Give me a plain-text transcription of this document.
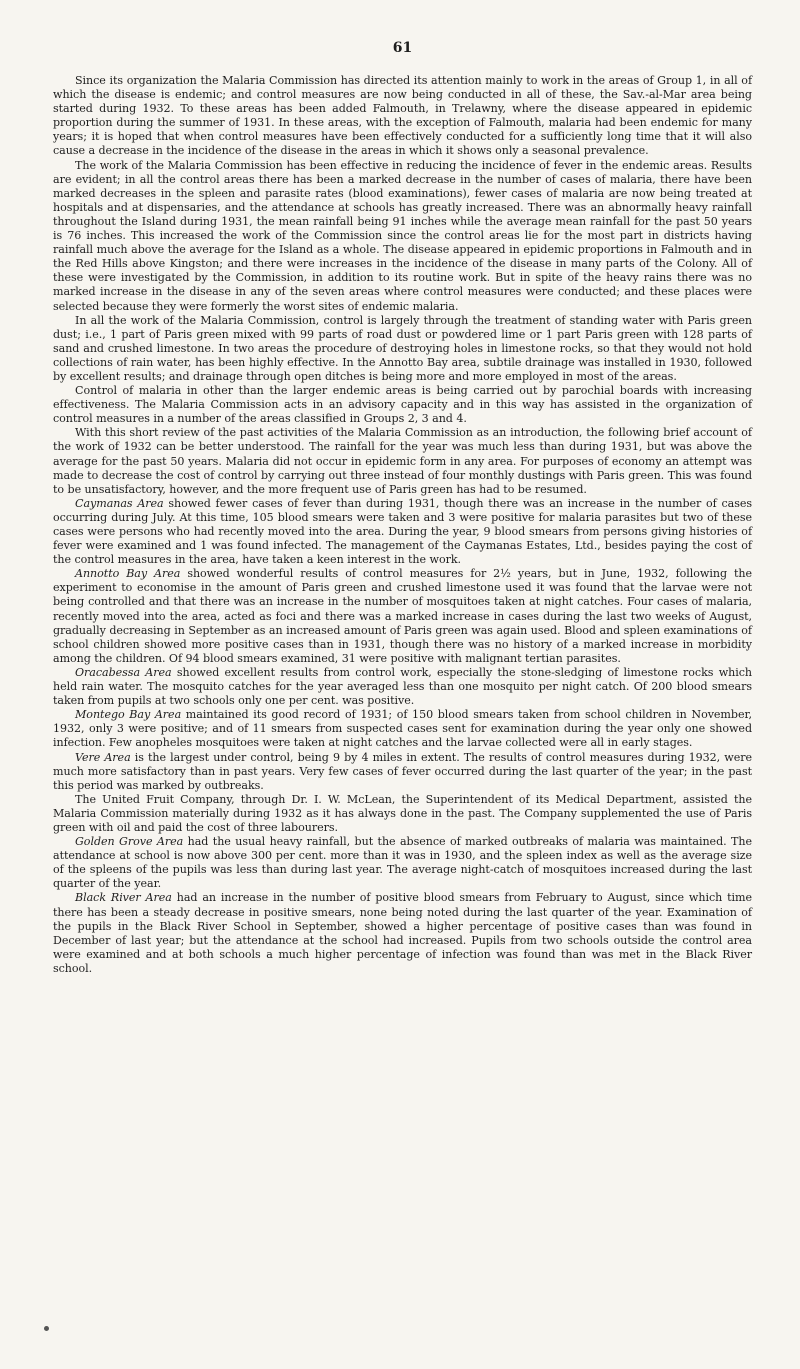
61

Since its organization the Malaria Commission has directed its attention mainly to work in the areas of Group 1, in all of which the disease is endemic; and control measures are now being conducted in all of these, the Sav.-al-Mar area being started during 1932. To these areas has been added Falmouth, in Trelawny, where the disease appeared in epidemic proportion during the summer of 1931. In these areas, with the exception of Falmouth, malaria had been endemic for many years; it is hoped that when control measures have been effectively conducted for a sufficiently long time that it will also cause a decrease in the incidence of the disease in the areas in which it shows only a seasonal prevalence.

The work of the Malaria Commission has been effective in reducing the incidence of fever in the endemic areas. Results are evident; in all the control areas there has been a marked decrease in the number of cases of malaria, there have been marked decreases in the spleen and parasite rates (blood examinations), fewer cases of malaria are now being treated at hospitals and at dispensaries, and the attendance at schools has greatly increased. There was an abnormally heavy rainfall throughout the Island during 1931, the mean rainfall being 91 inches while the average mean rainfall for the past 50 years is 76 inches. This increased the work of the Commission since the control areas lie for the most part in districts having rainfall much above the average for the Island as a whole. The disease appeared in epidemic proportions in Falmouth and in the Red Hills above Kingston; and there were increases in the incidence of the disease in many parts of the Colony. All of these were investigated by the Commission, in addition to its routine work. But in spite of the heavy rains there was no marked increase in the disease in any of the seven areas where control measures were conducted; and these places were selected because they were formerly the worst sites of endemic malaria.

In all the work of the Malaria Commission, control is largely through the treatment of standing water with Paris green dust; i.e., 1 part of Paris green mixed with 99 parts of road dust or powdered lime or 1 part Paris green with 128 parts of sand and crushed limestone. In two areas the procedure of destroying holes in limestone rocks, so that they would not hold collections of rain water, has been highly effective. In the Annotto Bay area, subtile drainage was installed in 1930, followed by excellent results; and drainage through open ditches is being more and more employed in most of the areas.

Control of malaria in other than the larger endemic areas is being carried out by parochial boards with increasing effectiveness. The Malaria Commission acts in an advisory capacity and in this way has assisted in the organization of control measures in a number of the areas classified in Groups 2, 3 and 4.

With this short review of the past activities of the Malaria Commission as an introduction, the following brief account of the work of 1932 can be better understood. The rainfall for the year was much less than during 1931, but was above the average for the past 50 years. Malaria did not occur in epidemic form in any area. For purposes of economy an attempt was made to decrease the cost of control by carrying out three instead of four monthly dustings with Paris green. This was found to be unsatisfactory, however, and the more frequent use of Paris green has had to be resumed.

Caymanas Area showed fewer cases of fever than during 1931, though there was an increase in the number of cases occurring during July. At this time, 105 blood smears were taken and 3 were positive for malaria parasites but two of these cases were persons who had recently moved into the area. During the year, 9 blood smears from persons giving histories of fever were examined and 1 was found infected. The management of the Caymanas Estates, Ltd., besides paying the cost of the control measures in the area, have taken a keen interest in the work.

Annotto Bay Area showed wonderful results of control measures for 2½ years, but in June, 1932, following the experiment to economise in the amount of Paris green and crushed limestone used it was found that the larvae were not being controlled and that there was an increase in the number of mosquitoes taken at night catches. Four cases of malaria, recently moved into the area, acted as foci and there was a marked increase in cases during the last two weeks of August, gradually decreasing in September as an increased amount of Paris green was again used. Blood and spleen examinations of school children showed more positive cases than in 1931, though there was no history of a marked increase in morbidity among the children. Of 94 blood smears examined, 31 were positive with malignant tertian parasites.

Oracabessa Area showed excellent results from control work, especially the stone-sledging of limestone rocks which held rain water. The mosquito catches for the year averaged less than one mosquito per night catch. Of 200 blood smears taken from pupils at two schools only one per cent. was positive.

Montego Bay Area maintained its good record of 1931; of 150 blood smears taken from school children in November, 1932, only 3 were positive; and of 11 smears from suspected cases sent for examination during the year only one showed infection. Few anopheles mosquitoes were taken at night catches and the larvae collected were all in early stages.

Vere Area is the largest under control, being 9 by 4 miles in extent. The results of control measures during 1932, were much more satisfactory than in past years. Very few cases of fever occurred during the last quarter of the year; in the past this period was marked by outbreaks.

The United Fruit Company, through Dr. I. W. McLean, the Superintendent of its Medical Department, assisted the Malaria Commission materially during 1932 as it has always done in the past. The Company supplemented the use of Paris green with oil and paid the cost of three labourers.

Golden Grove Area had the usual heavy rainfall, but the absence of marked outbreaks of malaria was maintained. The attendance at school is now above 300 per cent. more than it was in 1930, and the spleen index as well as the average size of the spleens of the pupils was less than during last year. The average night-catch of mosquitoes increased during the last quarter of the year.

Black River Area had an increase in the number of positive blood smears from February to August, since which time there has been a steady decrease in positive smears, none being noted during the last quarter of the year. Examination of the pupils in the Black River School in September, showed a higher percentage of positive cases than was found in December of last year; but the attendance at the school had increased. Pupils from two schools outside the control area were examined and at both schools a much higher percentage of infection was found than was met in the Black River school.
